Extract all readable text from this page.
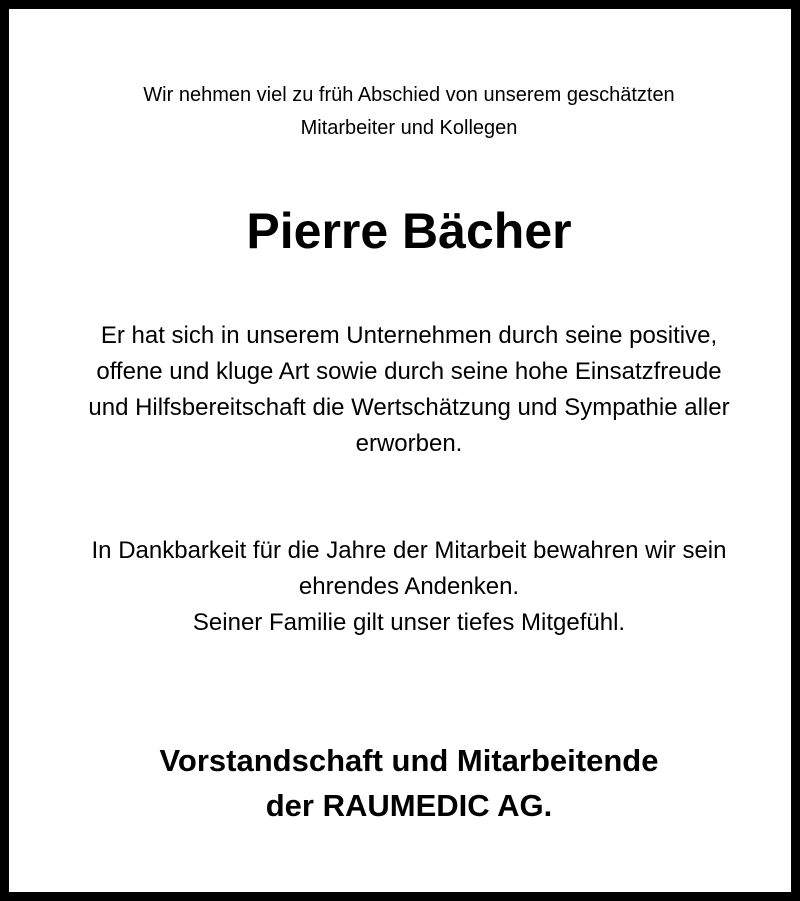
Wir nehmen viel zu früh Abschied von unserem geschätzten
Mitarbeiter und Kollegen
Pierre Bächer
Er hat sich in unserem Unternehmen durch seine positive,
offene und kluge Art sowie durch seine hohe Einsatzfreude
und Hilfsbereitschaft die Wertschätzung und Sympathie aller
erworben.
In Dankbarkeit für die Jahre der Mitarbeit bewahren wir sein
ehrendes Andenken.
Seiner Familie gilt unser tiefes Mitgefühl.
Vorstandschaft und Mitarbeitende
der RAUMEDIC AG.
